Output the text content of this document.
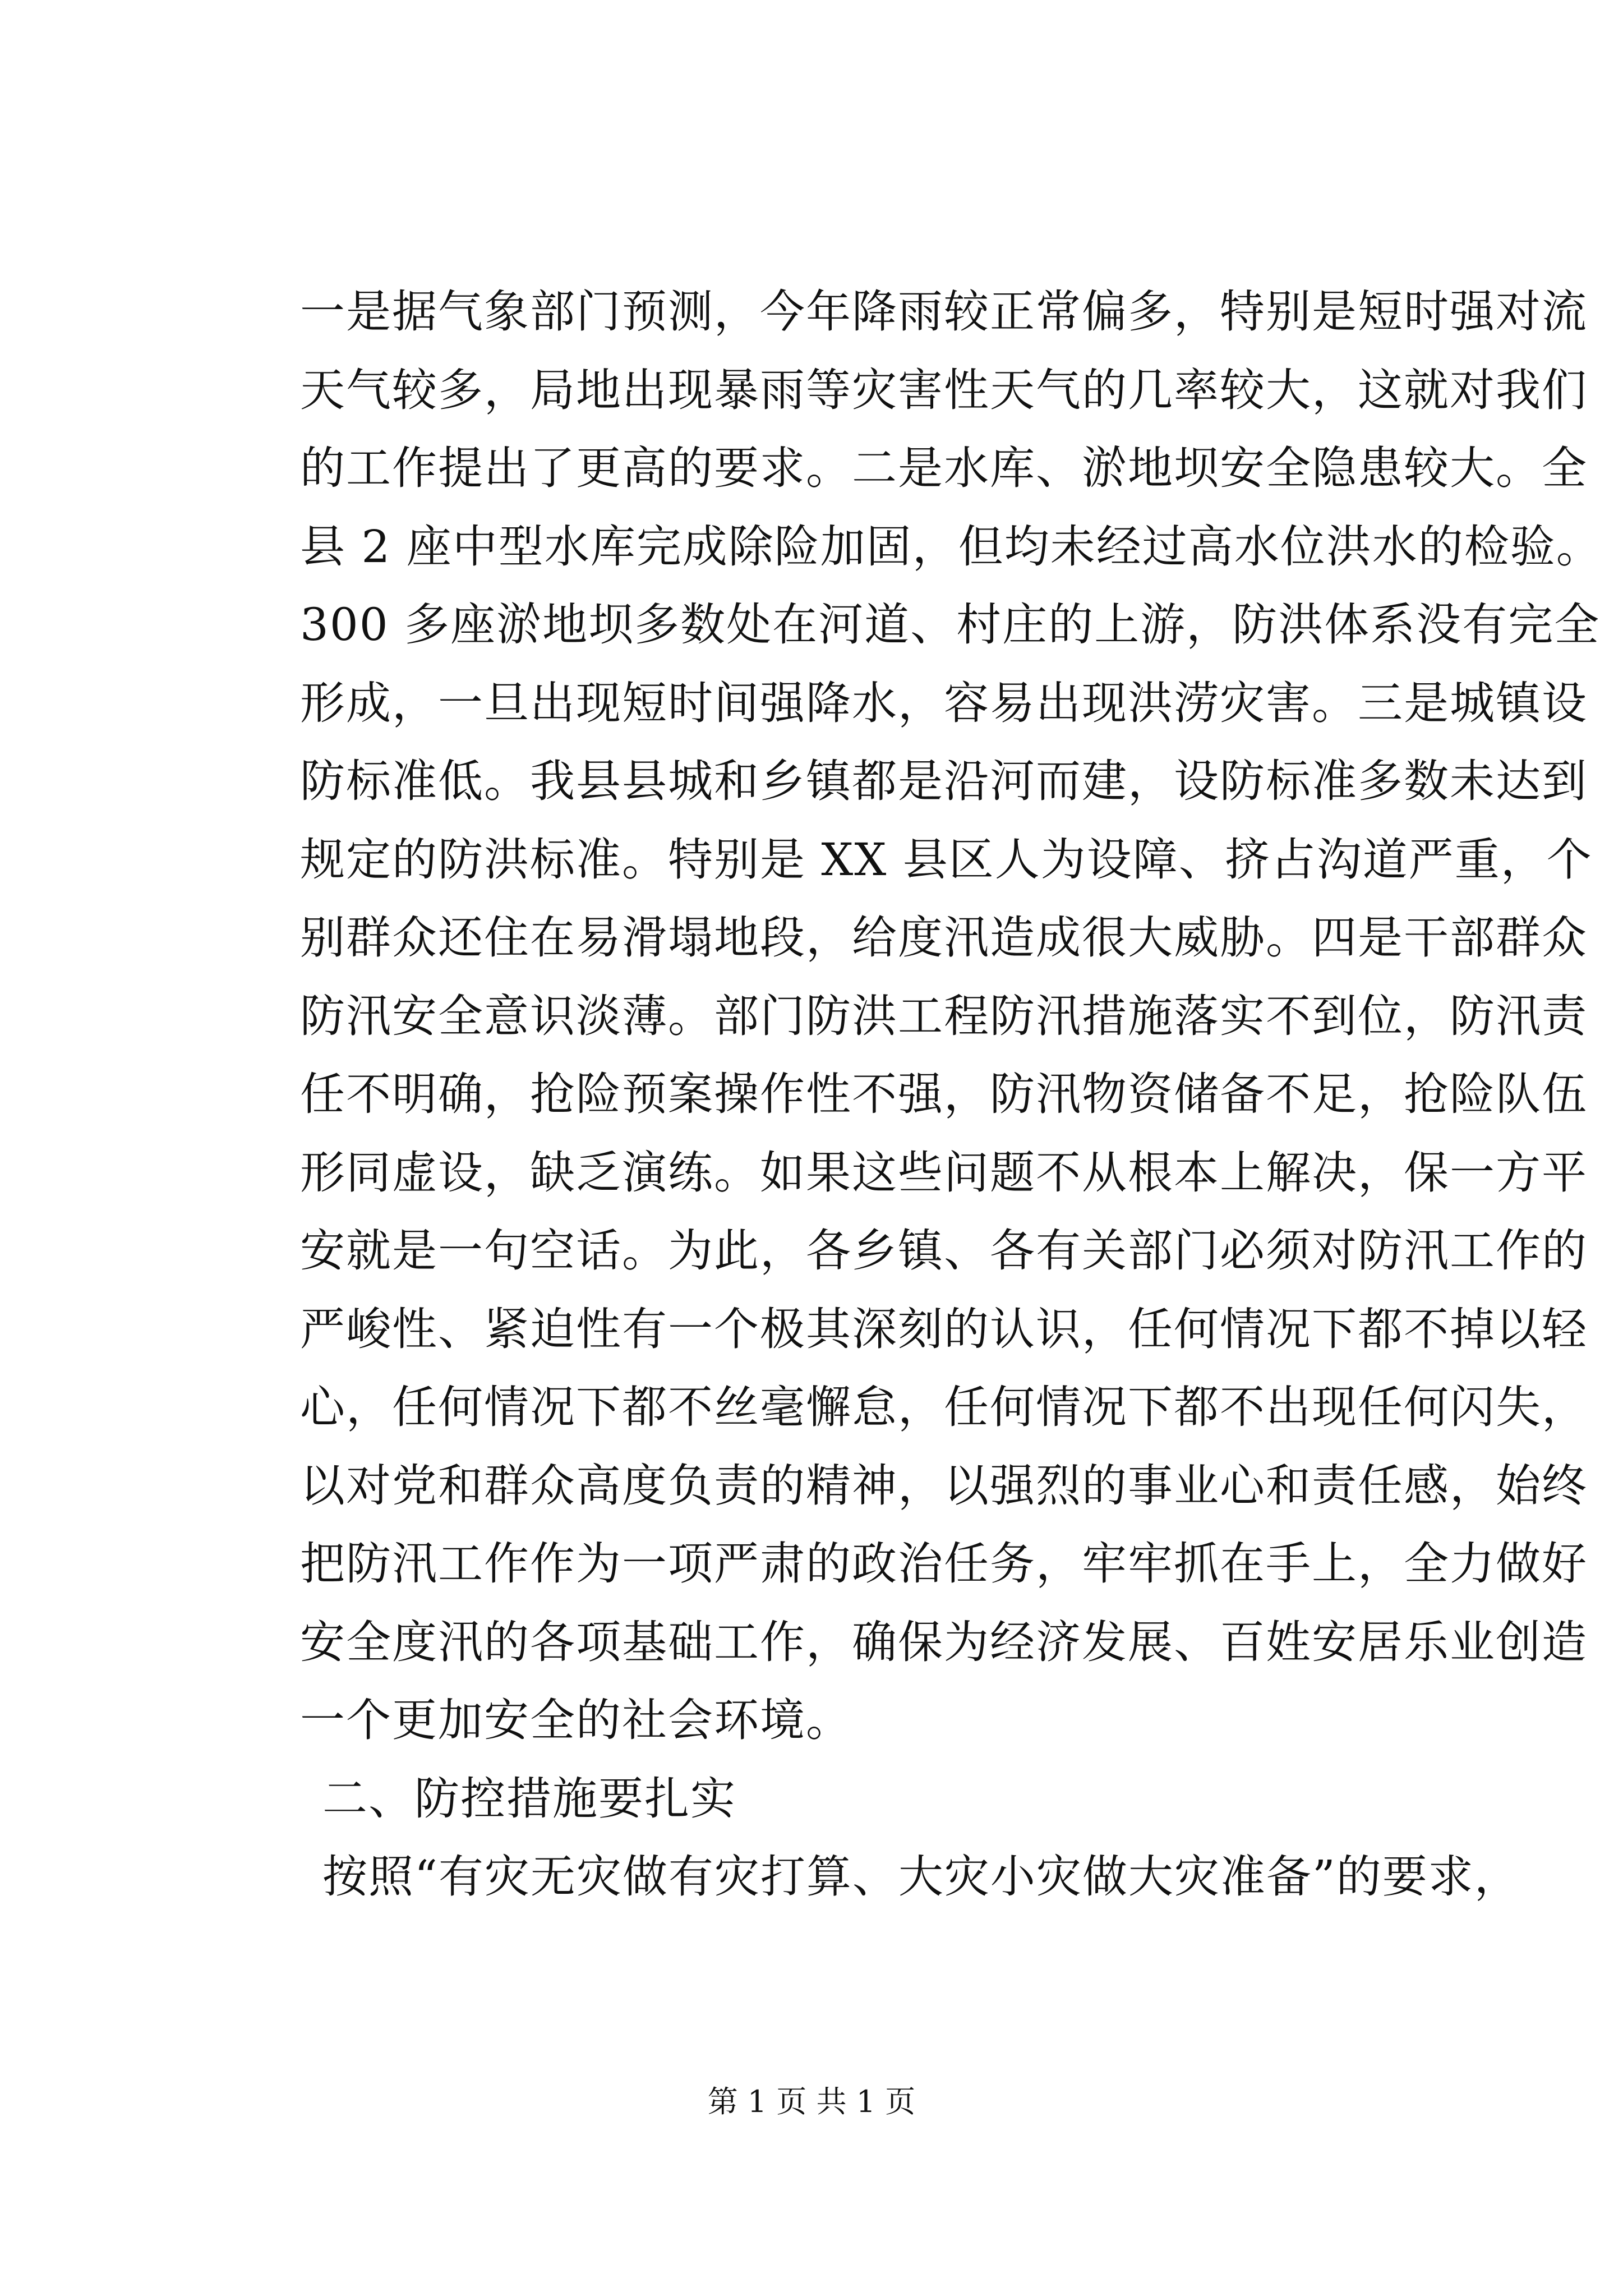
一是据气象部门预测，今年降雨较正常偏多，特别是短时强对流
天气较多，局地出现暴雨等灾害性天气的几率较大，这就对我们
的工作提出了更高的要求。二是水库、淤地坝安全隐患较大。全
县 2 座中型水库完成除险加固，但均未经过高水位洪水的检验。
300 多座淤地坝多数处在河道、村庄的上游，防洪体系没有完全
形成，一旦出现短时间强降水，容易出现洪涝灾害。三是城镇设
防标准低。我县县城和乡镇都是沿河而建，设防标准多数未达到
规定的防洪标准。特别是 XX 县区人为设障、挤占沟道严重，个
别群众还住在易滑塌地段，给度汛造成很大威胁。四是干部群众
防汛安全意识淡薄。部门防洪工程防汛措施落实不到位，防汛责
任不明确，抢险预案操作性不强，防汛物资储备不足，抢险队伍
形同虚设，缺乏演练。如果这些问题不从根本上解决，保一方平
安就是一句空话。为此，各乡镇、各有关部门必须对防汛工作的
严峻性、紧迫性有一个极其深刻的认识，任何情况下都不掉以轻
心，任何情况下都不丝毫懈怠，任何情况下都不出现任何闪失，
以对党和群众高度负责的精神，以强烈的事业心和责任感，始终
把防汛工作作为一项严肃的政治任务，牢牢抓在手上，全力做好
安全度汛的各项基础工作，确保为经济发展、百姓安居乐业创造
一个更加安全的社会环境。
二、防控措施要扎实
按照“有灾无灾做有灾打算、大灾小灾做大灾准备”的要求，
第 1 页 共 1 页
